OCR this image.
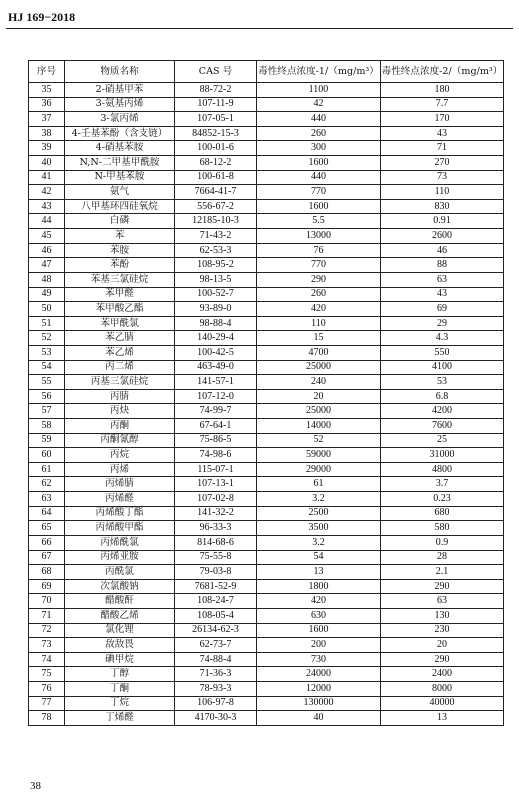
HJ 169−2018
序号	物质名称	CAS 号	毒性终点浓度-1/（mg/m³）	毒性终点浓度-2/（mg/m³）
35	2-硝基甲苯	88-72-2	1100	180
36	3-氨基丙烯	107-11-9	42	7.7
37	3-氯丙烯	107-05-1	440	170
38	4-壬基苯酚（含支链）	84852-15-3	260	43
39	4-硝基苯胺	100-01-6	300	71
40	N,N-二甲基甲酰胺	68-12-2	1600	270
41	N-甲基苯胺	100-61-8	440	73
42	氨气	7664-41-7	770	110
43	八甲基环四硅氧烷	556-67-2	1600	830
44	白磷	12185-10-3	5.5	0.91
45	苯	71-43-2	13000	2600
46	苯胺	62-53-3	76	46
47	苯酚	108-95-2	770	88
48	苯基三氯硅烷	98-13-5	290	63
49	苯甲醛	100-52-7	260	43
50	苯甲酸乙酯	93-89-0	420	69
51	苯甲酰氯	98-88-4	110	29
52	苯乙腈	140-29-4	15	4.3
53	苯乙烯	100-42-5	4700	550
54	丙二烯	463-49-0	25000	4100
55	丙基三氯硅烷	141-57-1	240	53
56	丙腈	107-12-0	20	6.8
57	丙炔	74-99-7	25000	4200
58	丙酮	67-64-1	14000	7600
59	丙酮氰醇	75-86-5	52	25
60	丙烷	74-98-6	59000	31000
61	丙烯	115-07-1	29000	4800
62	丙烯腈	107-13-1	61	3.7
63	丙烯醛	107-02-8	3.2	0.23
64	丙烯酸丁酯	141-32-2	2500	680
65	丙烯酸甲酯	96-33-3	3500	580
66	丙烯酰氯	814-68-6	3.2	0.9
67	丙烯亚胺	75-55-8	54	28
68	丙酰氯	79-03-8	13	2.1
69	次氯酸钠	7681-52-9	1800	290
70	醋酸酐	108-24-7	420	63
71	醋酸乙烯	108-05-4	630	130
72	氯化锂	26134-62-3	1600	230
73	敌敌畏	62-73-7	200	20
74	碘甲烷	74-88-4	730	290
75	丁醇	71-36-3	24000	2400
76	丁酮	78-93-3	12000	8000
77	丁烷	106-97-8	130000	40000
78	丁烯醛	4170-30-3	40	13
38
